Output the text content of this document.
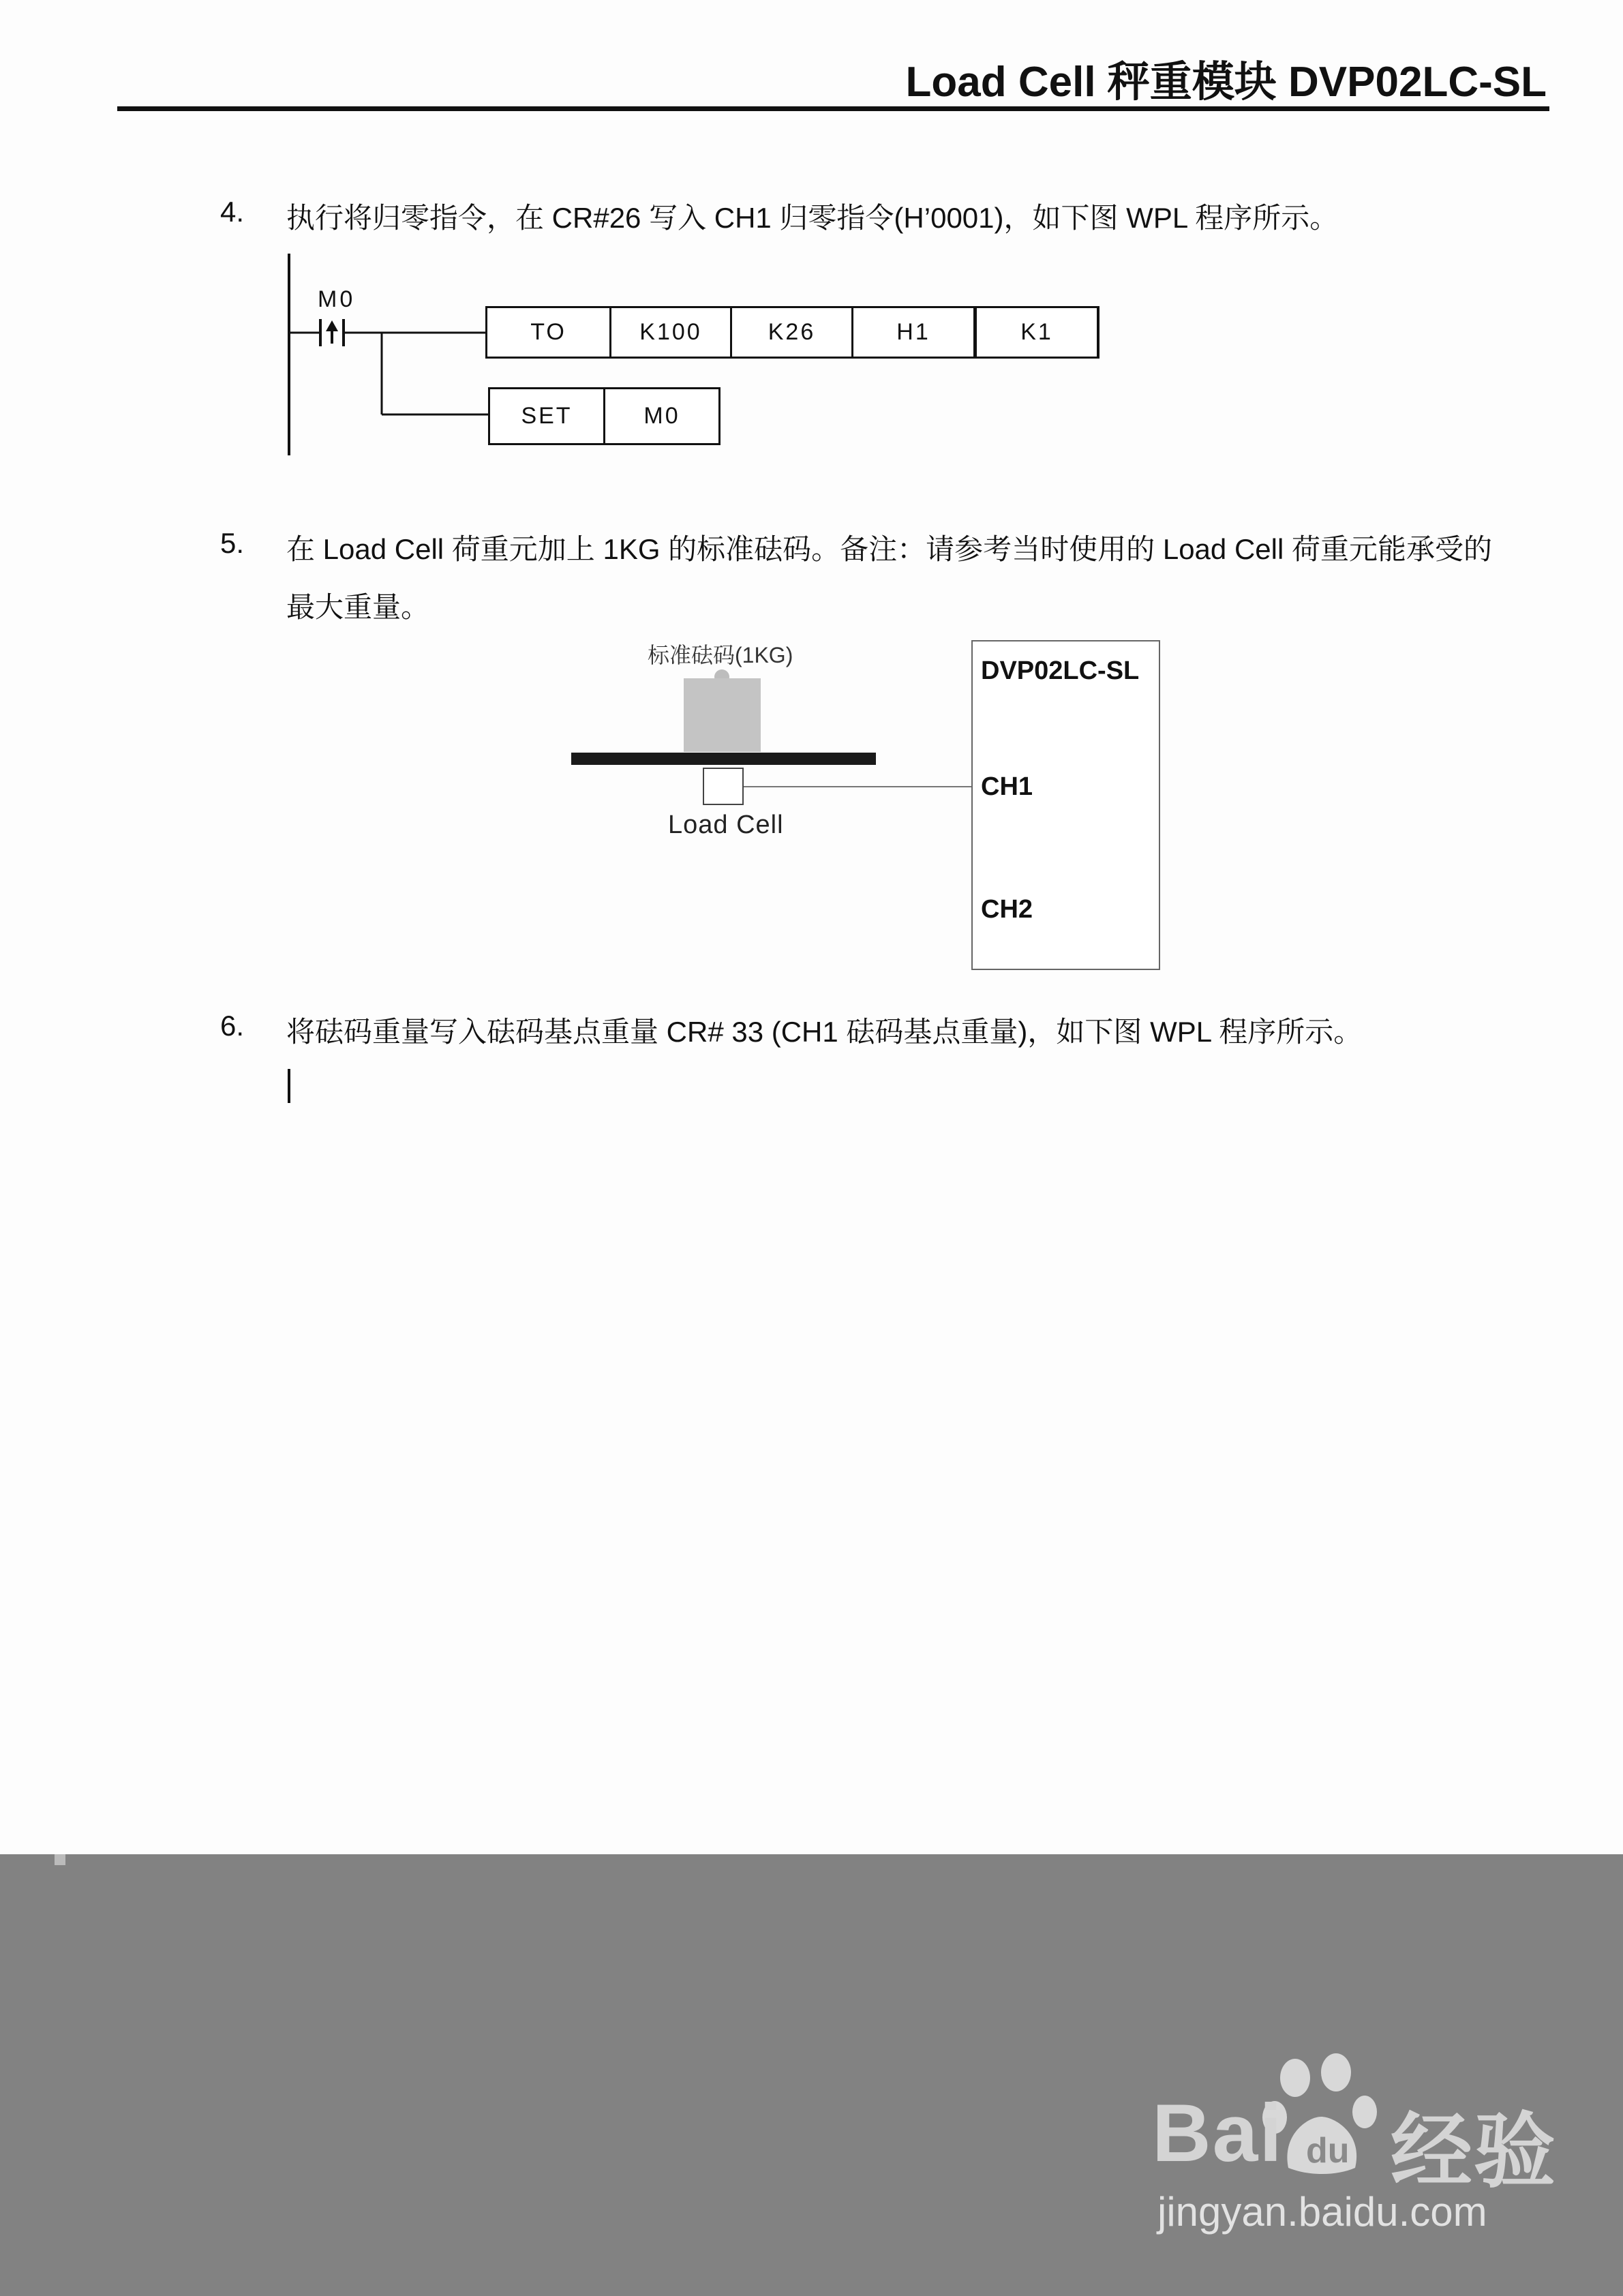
Load Cell 秤重模块 DVP02LC-SL
4. 执行将归零指令，在 CR#26 写入 CH1 归零指令(H’0001)，如下图 WPL 程序所示。
M0
TO	K100	K26	H1	K1
SET	M0
5. 在 Load Cell 荷重元加上 1KG 的标准砝码。备注：请参考当时使用的 Load Cell 荷重元能承受的
最大重量。
标准砝码(1KG)
Load Cell
DVP02LC-SL
CH1
CH2
6. 将砝码重量写入砝码基点重量 CR# 33 (CH1 砝码基点重量)，如下图 WPL 程序所示。
du
Bai 经验
jingyan.baidu.com
